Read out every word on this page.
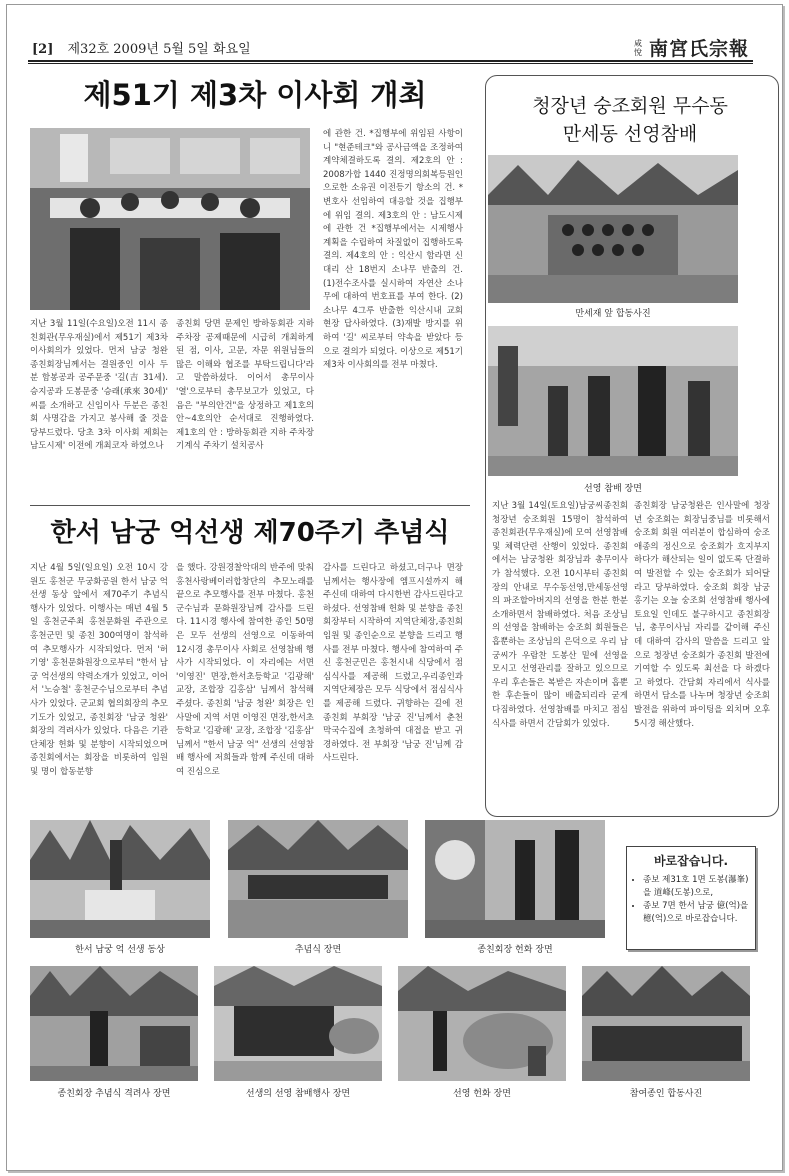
[2] 제32호 2009년 5월 5일 화요일	咸悅 南宮氏宗報
제51기 제3차 이사회 개최
지난 3월 11일(수요일)오전 11시 종친회관(무우재실)에서 제51기 제3차 이사회의가 있었다. 먼저 남궁 청완 종친회장님께서는 결원중인 이사 두분 함봉공과 공주문중 '길(吉 31세). 승지공과 도봉문중 '승래(承來 30세)' 씨를 소개하고 신임이사 두분은 종친회 사명감을 가지고 봉사해 줄 것을 당부드렸다. 당초 3차 이사회 제회는 남도시제' 이전에 개최코자 하였으나
종친회 당면 문제인 방하동회관 지하 주차장 공제때문에 시급히 개최하게 된 점, 이사, 고문, 자문 위원님들의 많은 이해와 협조를 부탁드립니다'라고 말씀하셨다. 이어서 총무이사 '열'으로부터 총무보고가 있었고, 다음은 "부의안건"을 상정하고 제1호의안~4호의안 순서대로 진행하였다. 제1호의 안 : 방하동회관 지하 주차장 기계식 주차기 설치공사
에 관한 건. *집행부에 위임된 사항이니 "현준테크"와 공사금액을 조정하여 계약체결하도록 결의. 제2호의 안 : 2008가합 1440 진정명의회복등원인으로한 소유권 이전등기 항소의 건. *변호사 선임하여 대응할 것을 집행부에 위임 결의. 제3호의 안 : 남도시제에 관한 건 *집행부에서는 시제행사 계획을 수립하여 차질없이 집행하도록 결의. 제4호의 안 : 익산시 함라면 신대리 산 18번지 소나무 반출의 건. (1)전수조사를 실시하여 자연산 소나무에 대하여 번호표를 부여 한다. (2)소나무 4그루 반출한 익산시내 교회 현장 답사하였다. (3)재발 방지를 위하여 '길' 씨로부터 약속을 받았다 등으로 결의가 되었다. 이상으로 제51기 제3차 이사회의를 전부 마쳤다.
한서 남궁 억선생 제70주기 추념식
지난 4월 5일(일요일) 오전 10시 강원도 홍천군 무궁화공원 한서 남궁 억선생 동상 앞에서 제70주기 추념식 행사가 있었다. 이행사는 매년 4월 5일 홍천군주최 홍천문화원 주관으로 홍천군민 및 종친 300여명이 참석하여 추모행사가 시작되었다. 먼저 '허기영' 홍천문화원장으로부터 "한서 남궁 억선생의 약력소개가 있었고, 이어서 '노승철' 홍천군수님으로부터 추념사가 있었다. 군교회 협의회장의 추모기도가 있었고, 종친회장 '남궁 청완' 회장의 격려사가 있었다. 다음은 기관 단체장 헌화 및 분향이 시작되었으며 종친회에서는 회장을 비롯하여 임원 및 명이 합동분향
을 했다. 강원경찰악대의 반주에 맞춰 홍천사랑베이러합창단의 추모노래를 끝으로 추모행사를 전부 마쳤다. 홍천군수님과 문화원장님께 감사를 드린다. 11시경 행사에 참여한 종인 50명은 모두 선생의 선영으로 이동하여 12시경 총무이사 사회로 선영참배 행사가 시작되었다. 이 자리에는 서면 '이영진' 면장,한서초등학교 '김광해' 교장, 조합장 김홍삼' 님께서 참석해 주셨다. 종친회 '남궁 청완' 회장은 인사말에 지역 서면 이영진 면장,한서초등학교 '김광해' 교장, 조합장 '김홍삼' 님께서 "한서 남궁 억" 선생의 선영참배 행사에 저희들과 함께 주신데 대하여 진심으로
감사를 드린다고 하셨고,더구나 면장님께서는 행사장에 엠프시설까지 해 주신데 대하여 다시한번 감사드린다고 하셨다. 선영참배 헌화 및 분향을 종친회장부터 시작하여 지역단체장,종친회 임원 및 종인순으로 분향을 드리고 행사를 전부 마쳤다. 행사에 참여하여 주신 홍천군민은 홍천시내 식당에서 점심식사를 제공해 드렸고,우리종인과 지역단체장은 모두 식당에서 점심식사를 제공해 드렸다. 귀향하는 길에 전 종친회 부회장 '남궁 진'님께서 춘천 막국수집에 초청하여 대접을 받고 귀경하였다. 전 부회장 '남궁 진'님께 감사드린다.
청장년 숭조회원 무수동
만세동 선영참배
만세재 앞 합동사진
선영 참배 장면
지난 3월 14일(토요일)남궁씨종친회 청장년 숭조회원 15명이 참석하여 종친회관(무우재실)에 모여 선영참배 및 체력단련 산행이 있었다. 종친회에서는 남궁청완 회장님과 총무이사가 참석했다. 오전 10시부터 종친회장의 안내로 무수동선영,만세동선영의 파조할아버지의 선영을 한분 한분 소개하면서 참배하였다. 처음 조상님의 선영을 참배하는 숭조회 회원들은 흡뿐하는 조상님의 은덕으로 우리 남궁씨가 우람찬 도봉산 밑에 선영을 모시고 선영관리를 잘하고 있으므로 우리 후손들은 복받은 자손이며 흡뿐한 후손들이 많이 배출되리라 굳게 다짐하였다. 선영참배를 마치고 점심식사를 하면서 간담회가 있었다.
종친회장 남궁청완은 인사말에 청장년 숭조회는 회장님중님를 비롯해서 숭조회 회원 여러분이 합심하여 숭조애종의 정신으로 숭조회가 흐지부지 하다가 해산되는 일이 없도록 단결하여 발전할 수 있는 숭조회가 되어달라고 당부하였다. 숭조회 회장 남궁홍기는 오늘 숭조회 선영참배 행사에 토요일 인데도 불구하시고 종친회장님, 총무이사님 자리를 같이해 주신데 대하여 감사의 말씀을 드리고 앞으로 청장년 숭조회가 종친회 발전에 기여할 수 있도록 최선을 다 하겠다고 하였다. 간담회 자리에서 식사를 하면서 담소를 나누며 청장년 숭조회 발전을 위하여 파이팅을 외치며 오후 5시경 해산했다.
한서 남궁 억 선생 동상	추념식 장면	종친회장 헌화 장면
바로잡습니다.
• 종보 제31호 1면 도봉(瀑峯)을 道峰(도봉)으로,
• 종보 7면 한서 남궁 億(억)을 檍(억)으로 바로잡습니다.
종친회장 추념식 격려사 장면	선생의 선영 참배행사 장면	선영 헌화 장면	참여종인 합동사진
